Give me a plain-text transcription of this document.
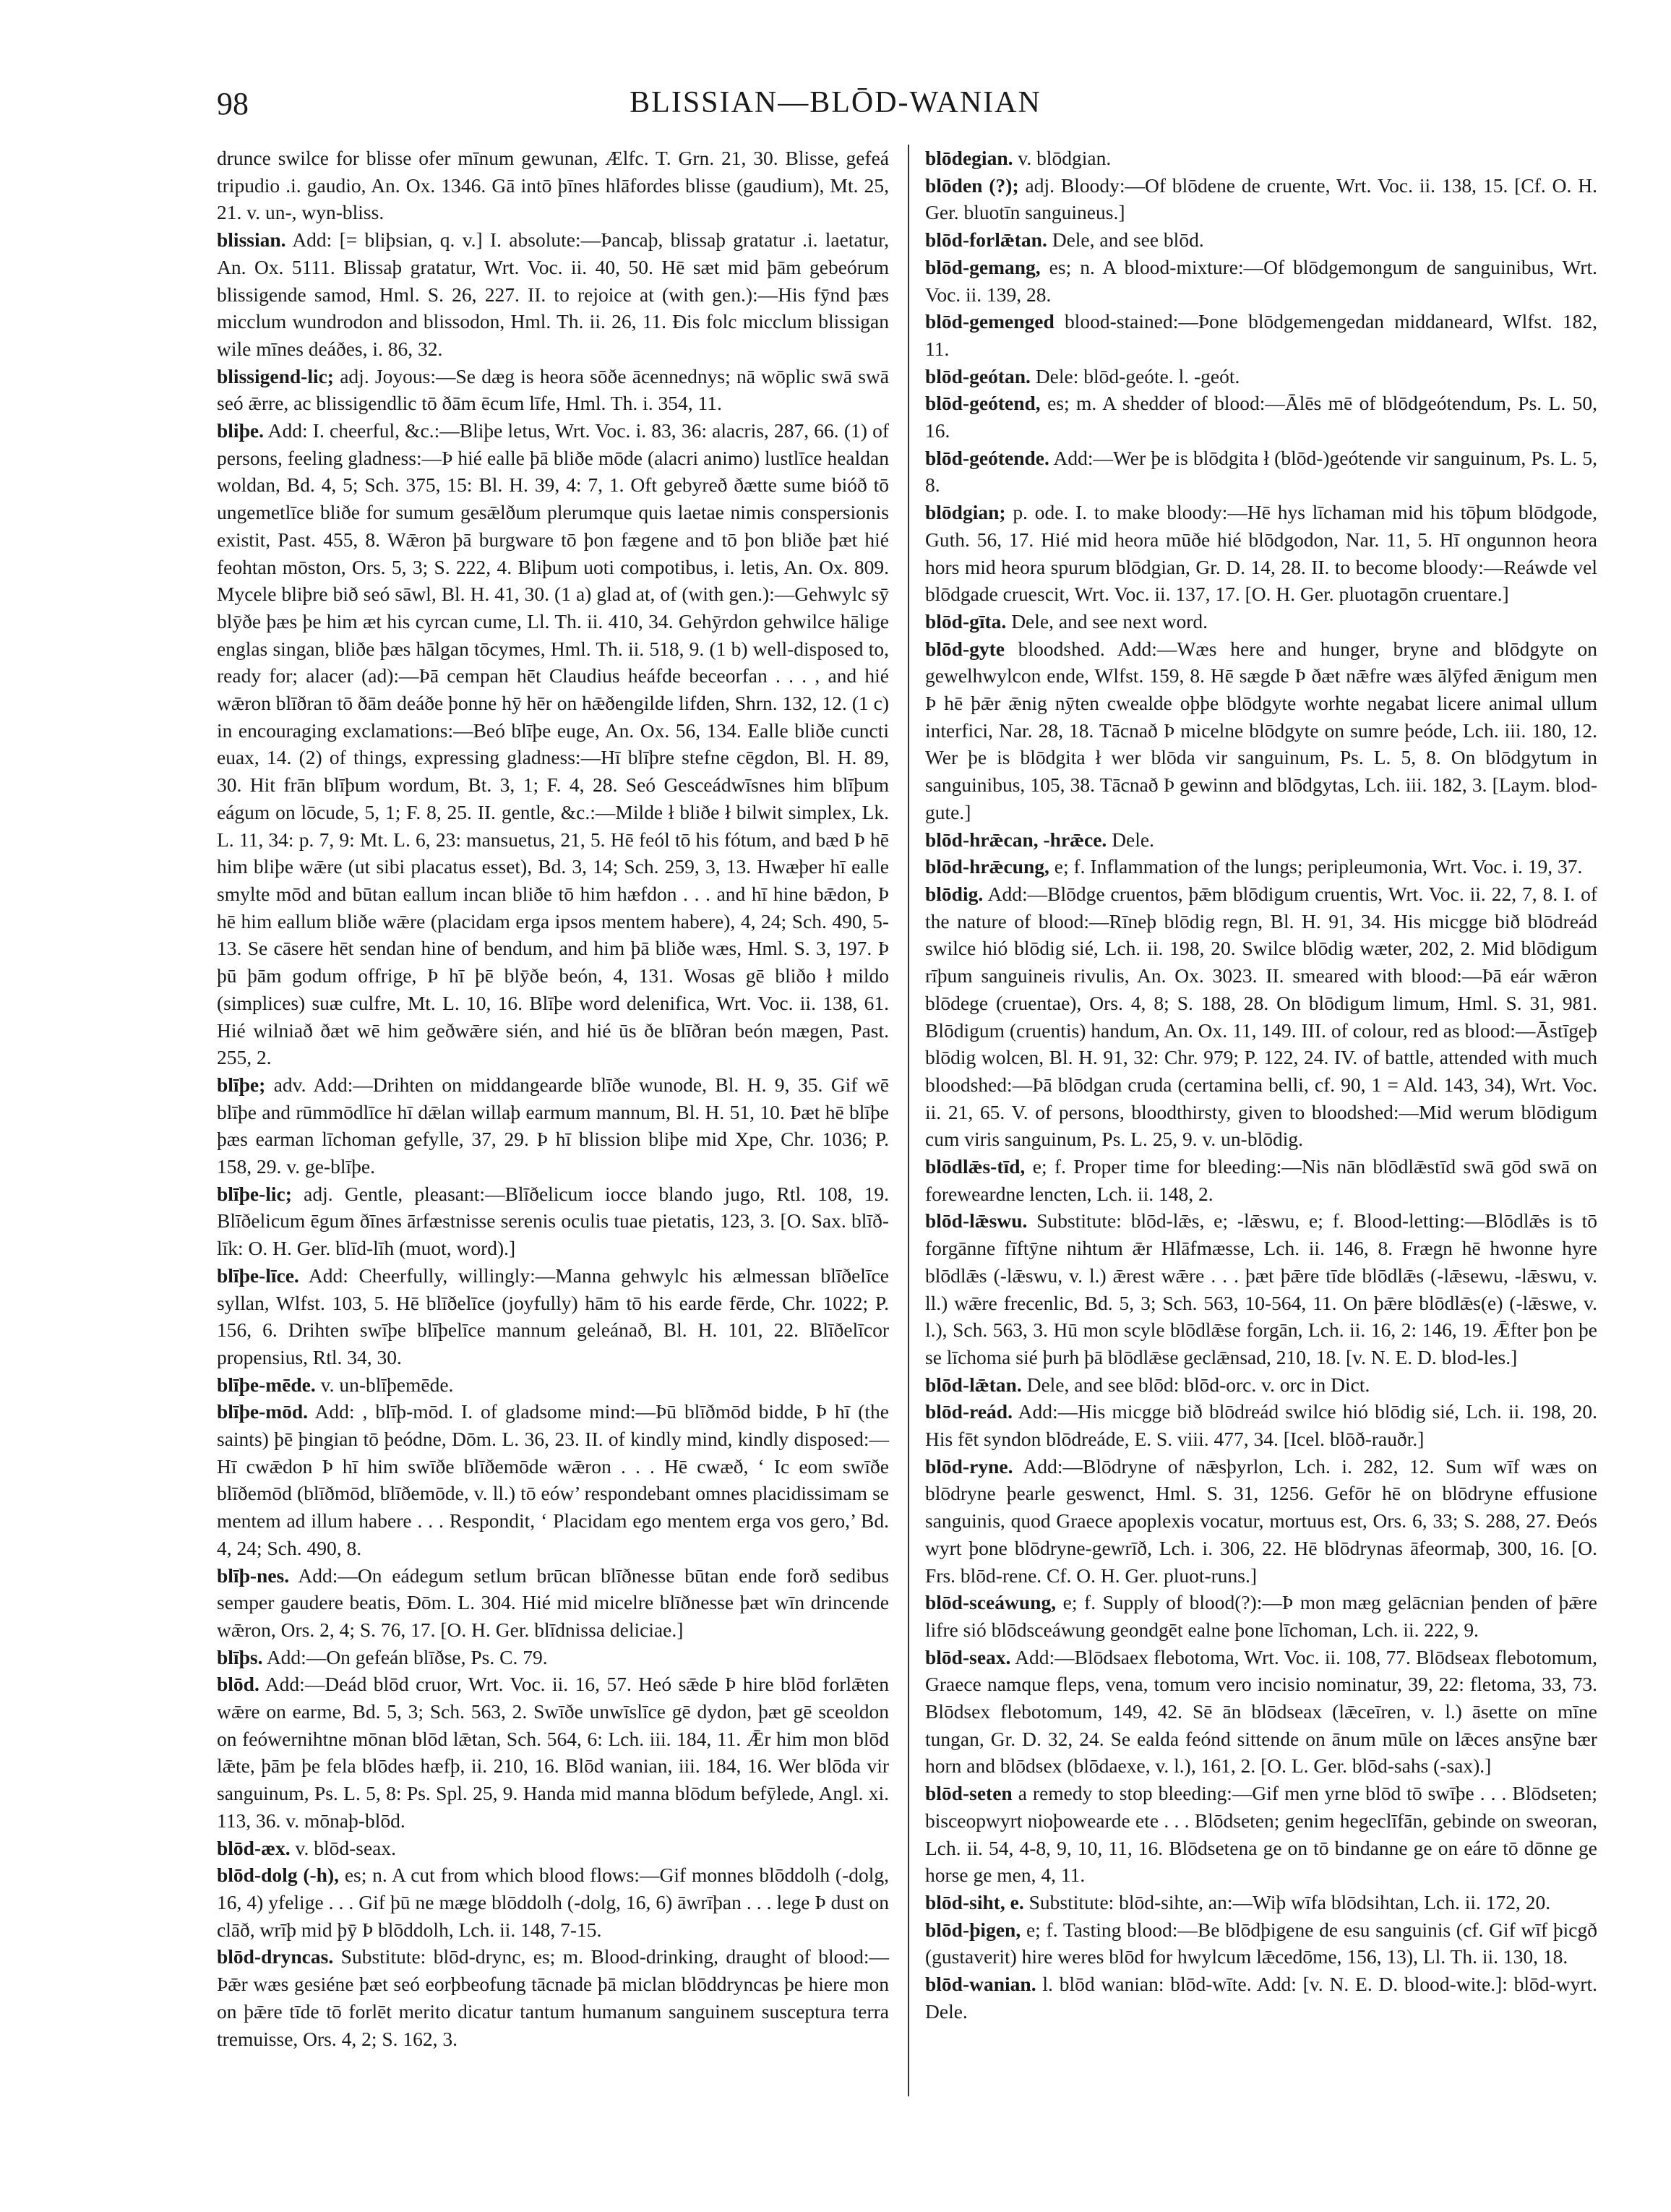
98	BLISSIAN—BLŌD-WANIAN

drunce swilce for blisse ofer mīnum gewunan, Ælfc. T. Grn. 21, 30. Blisse, gefeá tripudio .i. gaudio, An. Ox. 1346. Gā intō þīnes hlāfordes blisse (gaudium), Mt. 25, 21. v. un-, wyn-bliss.

blissian. Add: [= bliþsian, q. v.] I. absolute:—Þancaþ, blissaþ gratatur .i. laetatur, An. Ox. 5111. Blissaþ gratatur, Wrt. Voc. ii. 40, 50. Hē sæt mid þām gebeórum blissigende samod, Hml. S. 26, 227. II. to rejoice at (with gen.):—His fȳnd þæs micclum wundrodon and blissodon, Hml. Th. ii. 26, 11. Ðis folc micclum blissigan wile mīnes deáðes, i. 86, 32.

blissigend-lic; adj. Joyous:—Se dæg is heora sōðe ācennednys; nā wōplic swā swā seó ǣrre, ac blissigendlic tō ðām ēcum līfe, Hml. Th. i. 354, 11.

bliþe. Add: I. cheerful, &c.:—Bliþe letus, Wrt. Voc. i. 83, 36: alacris, 287, 66. (1) of persons, feeling gladness:—Þ hié ealle þā bliðe mōde (alacri animo) lustlīce healdan woldan, Bd. 4, 5; Sch. 375, 15: Bl. H. 39, 4: 7, 1. Oft gebyreð ðætte sume bióð tō ungemetlīce bliðe for sumum gesǣlðum plerumque quis laetae nimis conspersionis existit, Past. 455, 8. Wǣron þā burgware tō þon fægene and tō þon bliðe þæt hié feohtan mōston, Ors. 5, 3; S. 222, 4. Bliþum uoti compotibus, i. letis, An. Ox. 809. Mycele bliþre bið seó sāwl, Bl. H. 41, 30. (1 a) glad at, of (with gen.):—Gehwylc sȳ blȳðe þæs þe him æt his cyrcan cume, Ll. Th. ii. 410, 34. Gehȳrdon gehwilce hālige englas singan, bliðe þæs hālgan tōcymes, Hml. Th. ii. 518, 9. (1 b) well-disposed to, ready for; alacer (ad):—Þā cempan hēt Claudius heáfde beceorfan . . . , and hié wǣron blīðran tō ðām deáðe þonne hȳ hēr on hǣðengilde lifden, Shrn. 132, 12. (1 c) in encouraging exclamations:—Beó blīþe euge, An. Ox. 56, 134. Ealle bliðe cuncti euax, 14. (2) of things, expressing gladness:—Hī blīþre stefne cēgdon, Bl. H. 89, 30. Hit frān blīþum wordum, Bt. 3, 1; F. 4, 28. Seó Gesceádwīsnes him blīþum eágum on lōcude, 5, 1; F. 8, 25. II. gentle, &c.:—Milde ł bliðe ł bilwit simplex, Lk. L. 11, 34: p. 7, 9: Mt. L. 6, 23: mansuetus, 21, 5. Hē feól tō his fótum, and bæd Þ hē him bliþe wǣre (ut sibi placatus esset), Bd. 3, 14; Sch. 259, 3, 13. Hwæþer hī ealle smylte mōd and būtan eallum incan bliðe tō him hæfdon . . . and hī hine bǣdon, Þ hē him eallum bliðe wǣre (placidam erga ipsos mentem habere), 4, 24; Sch. 490, 5-13. Se cāsere hēt sendan hine of bendum, and him þā bliðe wæs, Hml. S. 3, 197. Þ þū þām godum offrige, Þ hī þē blȳðe beón, 4, 131. Wosas gē bliðo ł mildo (simplices) suæ culfre, Mt. L. 10, 16. Blīþe word delenifica, Wrt. Voc. ii. 138, 61. Hié wilniað ðæt wē him geðwǣre sién, and hié ūs ðe blīðran beón mægen, Past. 255, 2.

blīþe; adv. Add:—Drihten on middangearde blīðe wunode, Bl. H. 9, 35. Gif wē blīþe and rūmmōdlīce hī dǣlan willaþ earmum mannum, Bl. H. 51, 10. Þæt hē blīþe þæs earman līchoman gefylle, 37, 29. Þ hī blission bliþe mid Xpe, Chr. 1036; P. 158, 29. v. ge-blīþe.

blīþe-lic; adj. Gentle, pleasant:—Blīðelicum iocce blando jugo, Rtl. 108, 19. Blīðelicum ēgum ðīnes ārfæstnisse serenis oculis tuae pietatis, 123, 3. [O. Sax. blīð-līk: O. H. Ger. blīd-līh (muot, word).]

blīþe-līce. Add: Cheerfully, willingly:—Manna gehwylc his ælmessan blīðelīce syllan, Wlfst. 103, 5. Hē blīðelīce (joyfully) hām tō his earde fērde, Chr. 1022; P. 156, 6. Drihten swīþe blīþelīce mannum geleánað, Bl. H. 101, 22. Blīðelīcor propensius, Rtl. 34, 30.

blīþe-mēde. v. un-blīþemēde.

blīþe-mōd. Add: , blīþ-mōd. I. of gladsome mind:—Þū blīðmōd bidde, Þ hī (the saints) þē þingian tō þeódne, Dōm. L. 36, 23. II. of kindly mind, kindly disposed:—Hī cwǣdon Þ hī him swīðe blīðemōde wǣron . . . Hē cwæð, ‘ Ic eom swīðe blīðemōd (blīðmōd, blīðemōde, v. ll.) tō eów’ respondebant omnes placidissimam se mentem ad illum habere . . . Respondit, ‘ Placidam ego mentem erga vos gero,’ Bd. 4, 24; Sch. 490, 8.

blīþ-nes. Add:—On eádegum setlum brūcan blīðnesse būtan ende forð sedibus semper gaudere beatis, Ðōm. L. 304. Hié mid micelre blīðnesse þæt wīn drincende wǣron, Ors. 2, 4; S. 76, 17. [O. H. Ger. blīdnissa deliciae.]

blīþs. Add:—On gefeán blīðse, Ps. C. 79.

blōd. Add:—Deád blōd cruor, Wrt. Voc. ii. 16, 57. Heó sǣde Þ hire blōd forlǣten wǣre on earme, Bd. 5, 3; Sch. 563, 2. Swīðe unwīslīce gē dydon, þæt gē sceoldon on feówernihtne mōnan blōd lǣtan, Sch. 564, 6: Lch. iii. 184, 11. Ǣr him mon blōd lǣte, þām þe fela blōdes hæfþ, ii. 210, 16. Blōd wanian, iii. 184, 16. Wer blōda vir sanguinum, Ps. L. 5, 8: Ps. Spl. 25, 9. Handa mid manna blōdum befȳlede, Angl. xi. 113, 36. v. mōnaþ-blōd.

blōd-æx. v. blōd-seax.

blōd-dolg (-h), es; n. A cut from which blood flows:—Gif monnes blōddolh (-dolg, 16, 4) yfelige . . . Gif þū ne mæge blōddolh (-dolg, 16, 6) āwrīþan . . . lege Þ dust on clāð, wrīþ mid þȳ Þ blōddolh, Lch. ii. 148, 7-15.

blōd-dryncas. Substitute: blōd-drync, es; m. Blood-drinking, draught of blood:—Þǣr wæs gesiéne þæt seó eorþbeofung tācnade þā miclan blōddryncas þe hiere mon on þǣre tīde tō forlēt merito dicatur tantum humanum sanguinem susceptura terra tremuisse, Ors. 4, 2; S. 162, 3.

blōdegian. v. blōdgian.

blōden (?); adj. Bloody:—Of blōdene de cruente, Wrt. Voc. ii. 138, 15. [Cf. O. H. Ger. bluotīn sanguineus.]

blōd-forlǣtan. Dele, and see blōd.

blōd-gemang, es; n. A blood-mixture:—Of blōdgemongum de sanguinibus, Wrt. Voc. ii. 139, 28.

blōd-gemenged blood-stained:—Þone blōdgemengedan middaneard, Wlfst. 182, 11.

blōd-geótan. Dele: blōd-geóte. l. -geót.

blōd-geótend, es; m. A shedder of blood:—Ālēs mē of blōdgeótendum, Ps. L. 50, 16.

blōd-geótende. Add:—Wer þe is blōdgita ł (blōd-)geótende vir sanguinum, Ps. L. 5, 8.

blōdgian; p. ode. I. to make bloody:—Hē hys līchaman mid his tōþum blōdgode, Guth. 56, 17. Hié mid heora mūðe hié blōdgodon, Nar. 11, 5. Hī ongunnon heora hors mid heora spurum blōdgian, Gr. D. 14, 28. II. to become bloody:—Reáwde vel blōdgade cruescit, Wrt. Voc. ii. 137, 17. [O. H. Ger. pluotagōn cruentare.]

blōd-gīta. Dele, and see next word.

blōd-gyte bloodshed. Add:—Wæs here and hunger, bryne and blōdgyte on gewelhwylcon ende, Wlfst. 159, 8. Hē sægde Þ ðæt nǣfre wæs ālȳfed ǣnigum men Þ hē þǣr ǣnig nȳten cwealde oþþe blōdgyte worhte negabat licere animal ullum interfici, Nar. 28, 18. Tācnað Þ micelne blōdgyte on sumre þeóde, Lch. iii. 180, 12. Wer þe is blōdgita ł wer blōda vir sanguinum, Ps. L. 5, 8. On blōdgytum in sanguinibus, 105, 38. Tācnað Þ gewinn and blōdgytas, Lch. iii. 182, 3. [Laym. blod-gute.]

blōd-hrǣcan, -hrǣce. Dele.

blōd-hrǣcung, e; f. Inflammation of the lungs; peripleumonia, Wrt. Voc. i. 19, 37.

blōdig. Add:—Blōdge cruentos, þǣm blōdigum cruentis, Wrt. Voc. ii. 22, 7, 8. I. of the nature of blood:—Rīneþ blōdig regn, Bl. H. 91, 34. His micgge bið blōdreád swilce hió blōdig sié, Lch. ii. 198, 20. Swilce blōdig wæter, 202, 2. Mid blōdigum rīþum sanguineis rivulis, An. Ox. 3023. II. smeared with blood:—Þā eár wǣron blōdege (cruentae), Ors. 4, 8; S. 188, 28. On blōdigum limum, Hml. S. 31, 981. Blōdigum (cruentis) handum, An. Ox. 11, 149. III. of colour, red as blood:—Āstīgeþ blōdig wolcen, Bl. H. 91, 32: Chr. 979; P. 122, 24. IV. of battle, attended with much bloodshed:—Þā blōdgan cruda (certamina belli, cf. 90, 1 = Ald. 143, 34), Wrt. Voc. ii. 21, 65. V. of persons, bloodthirsty, given to bloodshed:—Mid werum blōdigum cum viris sanguinum, Ps. L. 25, 9. v. un-blōdig.

blōdlǣs-tīd, e; f. Proper time for bleeding:—Nis nān blōdlǣstīd swā gōd swā on foreweardne lencten, Lch. ii. 148, 2.

blōd-lǣswu. Substitute: blōd-lǣs, e; -lǣswu, e; f. Blood-letting:—Blōdlǣs is tō forgānne fīftȳne nihtum ǣr Hlāfmæsse, Lch. ii. 146, 8. Frægn hē hwonne hyre blōdlǣs (-lǣswu, v. l.) ǣrest wǣre . . . þæt þǣre tīde blōdlǣs (-lǣsewu, -lǣswu, v. ll.) wǣre frecenlic, Bd. 5, 3; Sch. 563, 10-564, 11. On þǣre blōdlǣs(e) (-lǣswe, v. l.), Sch. 563, 3. Hū mon scyle blōdlǣse forgān, Lch. ii. 16, 2: 146, 19. Ǣfter þon þe se līchoma sié þurh þā blōdlǣse geclǣnsad, 210, 18. [v. N. E. D. blod-les.]

blōd-lǣtan. Dele, and see blōd: blōd-orc. v. orc in Dict.

blōd-reád. Add:—His micgge bið blōdreád swilce hió blōdig sié, Lch. ii. 198, 20. His fēt syndon blōdreáde, E. S. viii. 477, 34. [Icel. blōð-rauðr.]

blōd-ryne. Add:—Blōdryne of nǣsþyrlon, Lch. i. 282, 12. Sum wīf wæs on blōdryne þearle geswenct, Hml. S. 31, 1256. Gefōr hē on blōdryne effusione sanguinis, quod Graece apoplexis vocatur, mortuus est, Ors. 6, 33; S. 288, 27. Ðeós wyrt þone blōdryne-gewrīð, Lch. i. 306, 22. Hē blōdrynas āfeormaþ, 300, 16. [O. Frs. blōd-rene. Cf. O. H. Ger. pluot-runs.]

blōd-sceáwung, e; f. Supply of blood(?):—Þ mon mæg gelācnian þenden of þǣre lifre sió blōdsceáwung geondgēt ealne þone līchoman, Lch. ii. 222, 9.

blōd-seax. Add:—Blōdsaex flebotoma, Wrt. Voc. ii. 108, 77. Blōdseax flebotomum, Graece namque fleps, vena, tomum vero incisio nominatur, 39, 22: fletoma, 33, 73. Blōdsex flebotomum, 149, 42. Sē ān blōdseax (lǣceīren, v. l.) āsette on mīne tungan, Gr. D. 32, 24. Se ealda feónd sittende on ānum mūle on lǣces ansȳne bær horn and blōdsex (blōdaexe, v. l.), 161, 2. [O. L. Ger. blōd-sahs (-sax).]

blōd-seten a remedy to stop bleeding:—Gif men yrne blōd tō swīþe . . . Blōdseten; bisceopwyrt nioþowearde ete . . . Blōdseten; genim hegeclīfān, gebinde on sweoran, Lch. ii. 54, 4-8, 9, 10, 11, 16. Blōdsetena ge on tō bindanne ge on eáre tō dōnne ge horse ge men, 4, 11.

blōd-siht, e. Substitute: blōd-sihte, an:—Wiþ wīfa blōdsihtan, Lch. ii. 172, 20.

blōd-þigen, e; f. Tasting blood:—Be blōdþigene de esu sanguinis (cf. Gif wīf þicgð (gustaverit) hire weres blōd for hwylcum lǣcedōme, 156, 13), Ll. Th. ii. 130, 18.

blōd-wanian. l. blōd wanian: blōd-wīte. Add: [v. N. E. D. blood-wite.]: blōd-wyrt. Dele.
